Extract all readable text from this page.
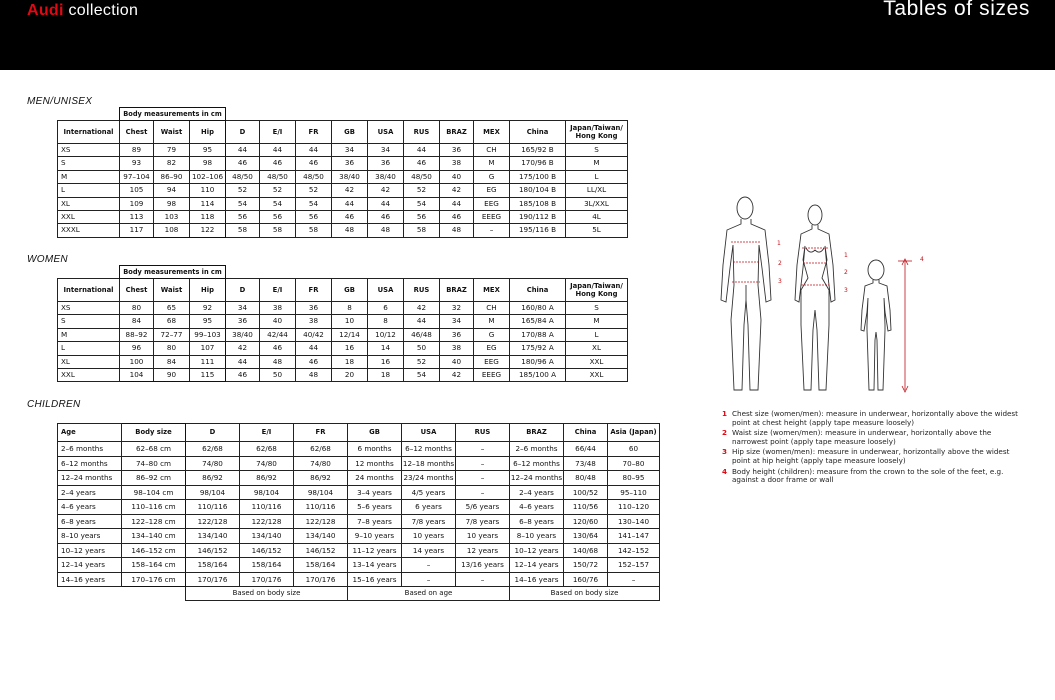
Audi collection	Tables of sizes
MEN/UNISEX
	Body measurements in cm												
International	Chest	Waist	Hip	D	E/I	FR	GB	USA	RUS	BRAZ	MEX	China	Japan/Taiwan/ Hong Kong
XS	89	79	95	44	44	44	34	34	44	36	CH	165/92 B	S
S	93	82	98	46	46	46	36	36	46	38	M	170/96 B	M
M	97–104	86–90	102–106	48/50	48/50	48/50	38/40	38/40	48/50	40	G	175/100 B	L
L	105	94	110	52	52	52	42	42	52	42	EG	180/104 B	LL/XL
XL	109	98	114	54	54	54	44	44	54	44	EEG	185/108 B	3L/XXL
XXL	113	103	118	56	56	56	46	46	56	46	EEEG	190/112 B	4L
XXXL	117	108	122	58	58	58	48	48	58	48	–	195/116 B	5L
WOMEN
	Body measurements in cm												
International	Chest	Waist	Hip	D	E/I	FR	GB	USA	RUS	BRAZ	MEX	China	Japan/Taiwan/ Hong Kong
XS	80	65	92	34	38	36	8	6	42	32	CH	160/80 A	S
S	84	68	95	36	40	38	10	8	44	34	M	165/84 A	M
M	88–92	72–77	99–103	38/40	42/44	40/42	12/14	10/12	46/48	36	G	170/88 A	L
L	96	80	107	42	46	44	16	14	50	38	EG	175/92 A	XL
XL	100	84	111	44	48	46	18	16	52	40	EEG	180/96 A	XXL
XXL	104	90	115	46	50	48	20	18	54	42	EEEG	185/100 A	XXL
CHILDREN
Age	Body size	D	E/I	FR	GB	USA	RUS	BRAZ	China	Asia (Japan)
2–6 months	62–68 cm	62/68	62/68	62/68	6 months	6–12 months	–	2–6 months	66/44	60
6–12 months	74–80 cm	74/80	74/80	74/80	12 months	12–18 months	–	6–12 months	73/48	70–80
12–24 months	86–92 cm	86/92	86/92	86/92	24 months	23/24 months	–	12–24 months	80/48	80–95
2–4 years	98–104 cm	98/104	98/104	98/104	3–4 years	4/5 years	–	2–4 years	100/52	95–110
4–6 years	110–116 cm	110/116	110/116	110/116	5–6 years	6 years	5/6 years	4–6 years	110/56	110–120
6–8 years	122–128 cm	122/128	122/128	122/128	7–8 years	7/8 years	7/8 years	6–8 years	120/60	130–140
8–10 years	134–140 cm	134/140	134/140	134/140	9–10 years	10 years	10 years	8–10 years	130/64	141–147
10–12 years	146–152 cm	146/152	146/152	146/152	11–12 years	14 years	12 years	10–12 years	140/68	142–152
12–14 years	158–164 cm	158/164	158/164	158/164	13–14 years	–	13/16 years	12–14 years	150/72	152–157
14–16 years	170–176 cm	170/176	170/176	170/176	15–16 years	–	–	14–16 years	160/76	–
		Based on body size			Based on age			Based on body size		
1
2
3
1
2
3
4
1 Chest size (women/men): measure in underwear, horizontally above the widest point at chest height (apply tape measure loosely)
2 Waist size (women/men): measure in underwear, horizontally above the narrowest point (apply tape measure loosely)
3 Hip size (women/men): measure in underwear, horizontally above the widest point at hip height (apply tape measure loosely)
4 Body height (children): measure from the crown to the sole of the feet, e.g. against a door frame or wall
